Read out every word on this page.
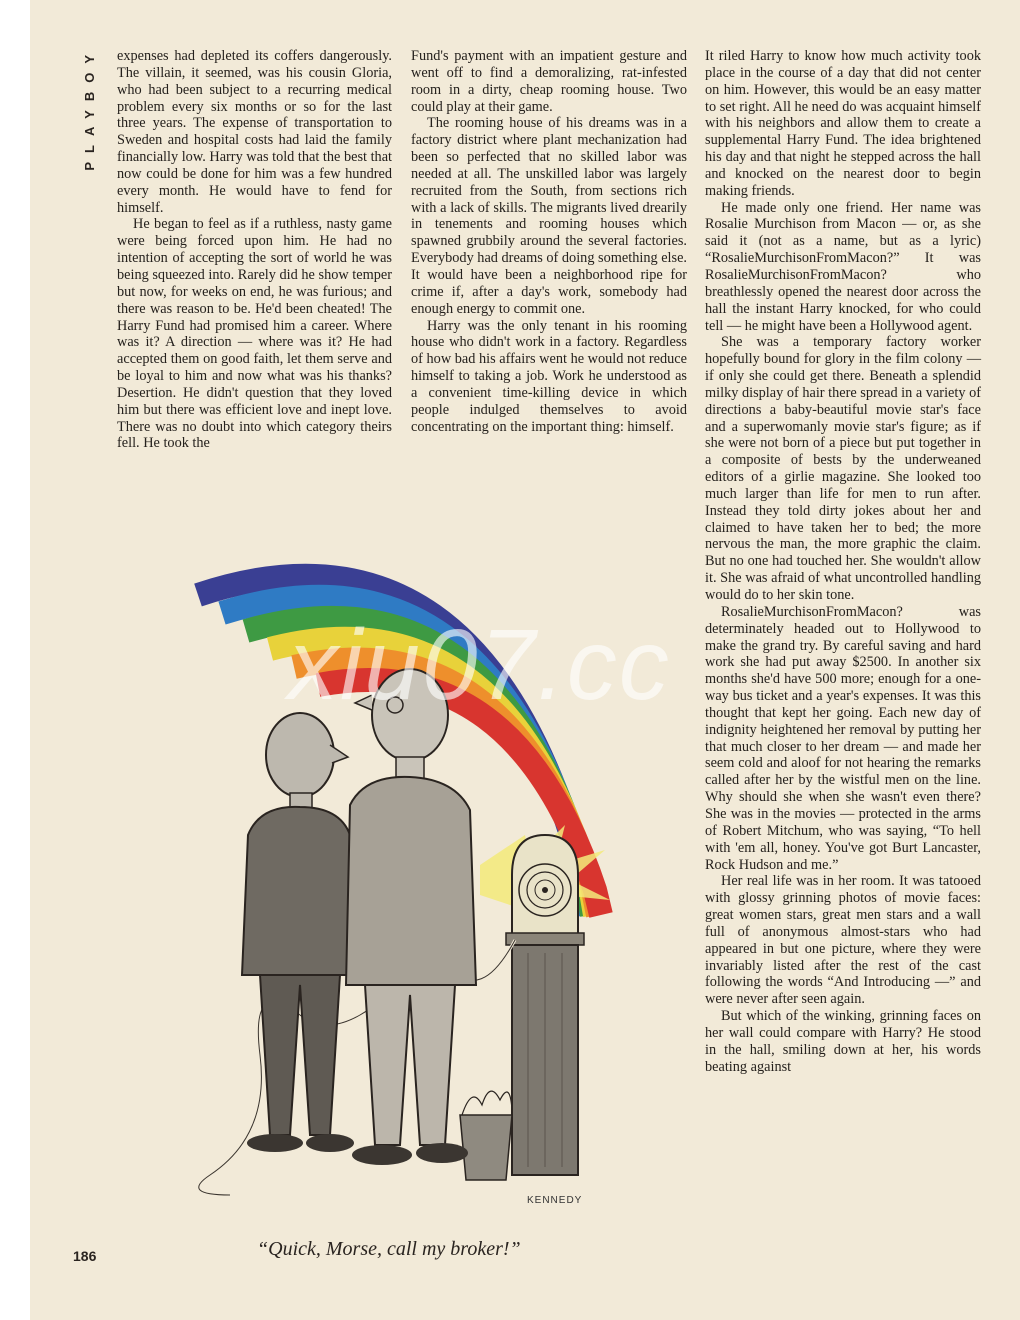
PLAYBOY expenses had depleted its coffers dangerously. The villain, it seemed, was his cousin Gloria, who had been subject to a recurring medical problem every six months or so for the last three years. The expense of transportation to Sweden and hospital costs had laid the family financially low. Harry was told that the best that now could be done for him was a few hundred every month. He would have to fend for himself.

He began to feel as if a ruthless, nasty game were being forced upon him. He had no intention of accepting the sort of world he was being squeezed into. Rarely did he show temper but now, for weeks on end, he was furious; and there was reason to be. He'd been cheated! The Harry Fund had promised him a career. Where was it? A direction — where was it? He had accepted them on good faith, let them serve and be loyal to him and now what was his thanks? Desertion. He didn't question that they loved him but there was efficient love and inept love. There was no doubt into which category theirs fell. He took the

Fund's payment with an impatient gesture and went off to find a demoralizing, rat-infested room in a dirty, cheap rooming house. Two could play at their game.

The rooming house of his dreams was in a factory district where plant mechanization had been so perfected that no skilled labor was needed at all. The unskilled labor was largely recruited from the South, from sections rich with a lack of skills. The migrants lived drearily in tenements and rooming houses which spawned grubbily around the several factories. Everybody had dreams of doing something else. It would have been a neighborhood ripe for crime if, after a day's work, somebody had enough energy to commit one.

Harry was the only tenant in his rooming house who didn't work in a factory. Regardless of how bad his affairs went he would not reduce himself to taking a job. Work he understood as a convenient time-killing device in which people indulged themselves to avoid concentrating on the important thing: himself.

It riled Harry to know how much activity took place in the course of a day that did not center on him. However, this would be an easy matter to set right. All he need do was acquaint himself with his neighbors and allow them to create a supplemental Harry Fund. The idea brightened his day and that night he stepped across the hall and knocked on the nearest door to begin making friends.

He made only one friend. Her name was Rosalie Murchison from Macon — or, as she said it (not as a name, but as a lyric) “RosalieMurchisonFromMacon?” It was RosalieMurchisonFromMacon? who breathlessly opened the nearest door across the hall the instant Harry knocked, for who could tell — he might have been a Hollywood agent.

She was a temporary factory worker hopefully bound for glory in the film colony — if only she could get there. Beneath a splendid milky display of hair there spread in a variety of directions a baby-beautiful movie star's face and a superwomanly movie star's figure; as if she were not born of a piece but put together in a composite of bests by the underweaned editors of a girlie magazine. She looked too much larger than life for men to run after. Instead they told dirty jokes about her and claimed to have taken her to bed; the more nervous the man, the more graphic the claim. But no one had touched her. She wouldn't allow it. She was afraid of what uncontrolled handling would do to her skin tone.

RosalieMurchisonFromMacon? was determinately headed out to Hollywood to make the grand try. By careful saving and hard work she had put away $2500. In another six months she'd have 500 more; enough for a one-way bus ticket and a year's expenses. It was this thought that kept her going. Each new day of indignity heightened her removal by putting her that much closer to her dream — and made her seem cold and aloof for not hearing the remarks called after her by the wistful men on the line. Why should she when she wasn't even there? She was in the movies — protected in the arms of Robert Mitchum, who was saying, “To hell with 'em all, honey. You've got Burt Lancaster, Rock Hudson and me.”

Her real life was in her room. It was tatooed with glossy grinning photos of movie faces: great women stars, great men stars and a wall full of anonymous almost-stars who had appeared in but one picture, where they were invariably listed after the rest of the cast following the words “And Introducing —” and were never after seen again.

But which of the winking, grinning faces on her wall could compare with Harry? He stood in the hall, smiling down at her, his words beating against

KENNEDY
“Quick, Morse, call my broker!”
186
xiu07.cc
